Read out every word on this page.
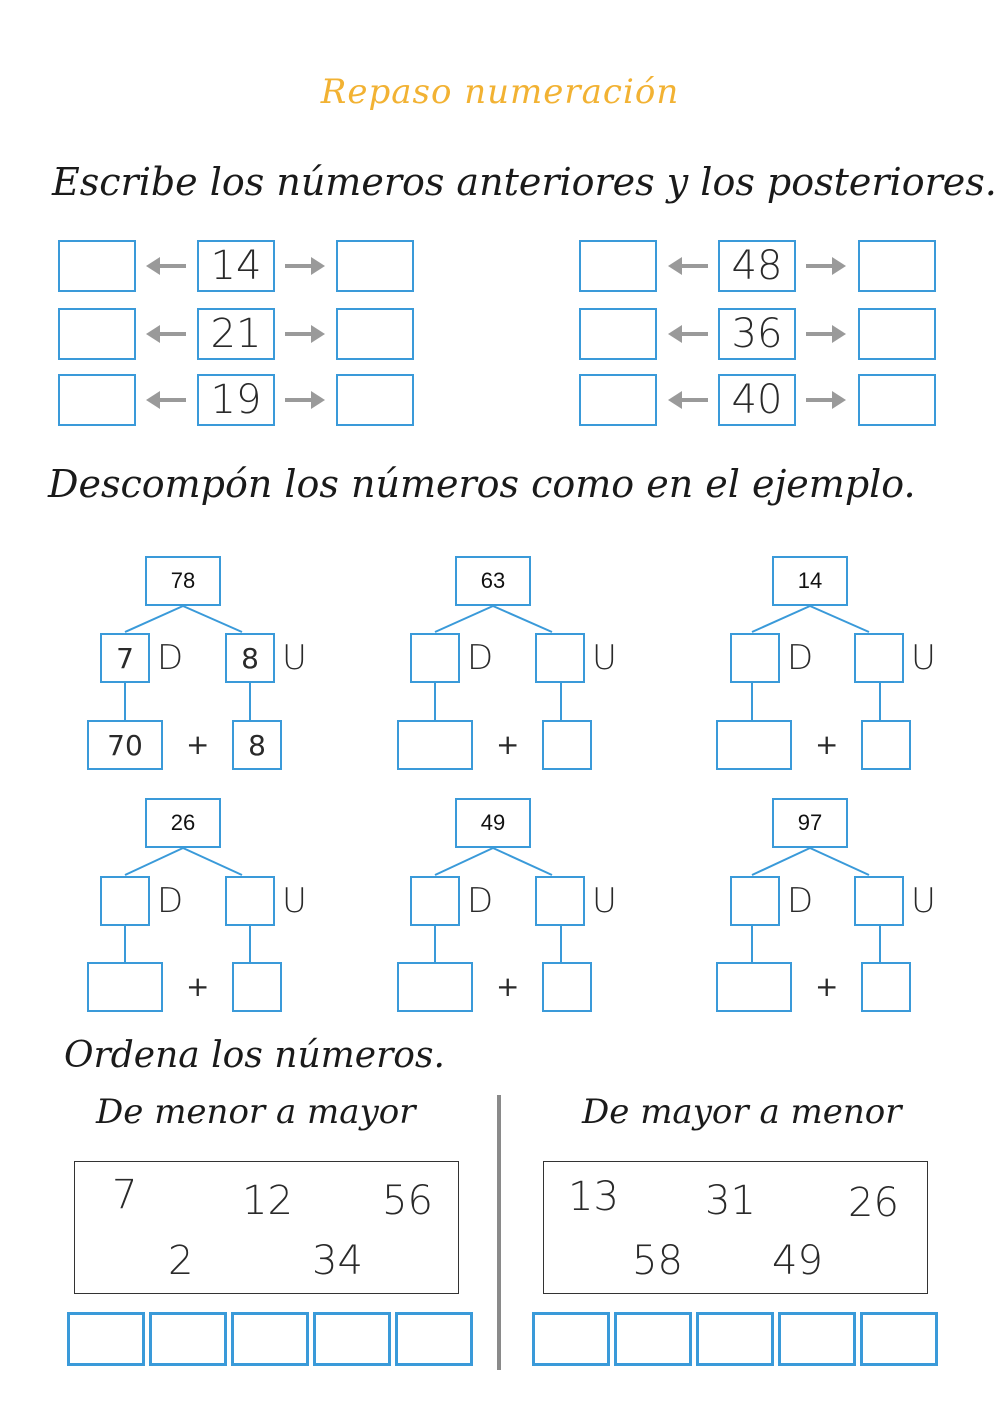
Repaso numeración
Escribe los números anteriores y los posteriores.
14
21
19
48
36
40
Descompón los números como en el ejemplo.
78
7 D	8 U
70	+	8
63
D	U
+
14
D	U
+
26
D	U
+
49
D	U
+
97
D	U
+
Ordena los números.
De menor a mayor	De mayor a menor
7	12 56
2	34
13 31 26
58 49
